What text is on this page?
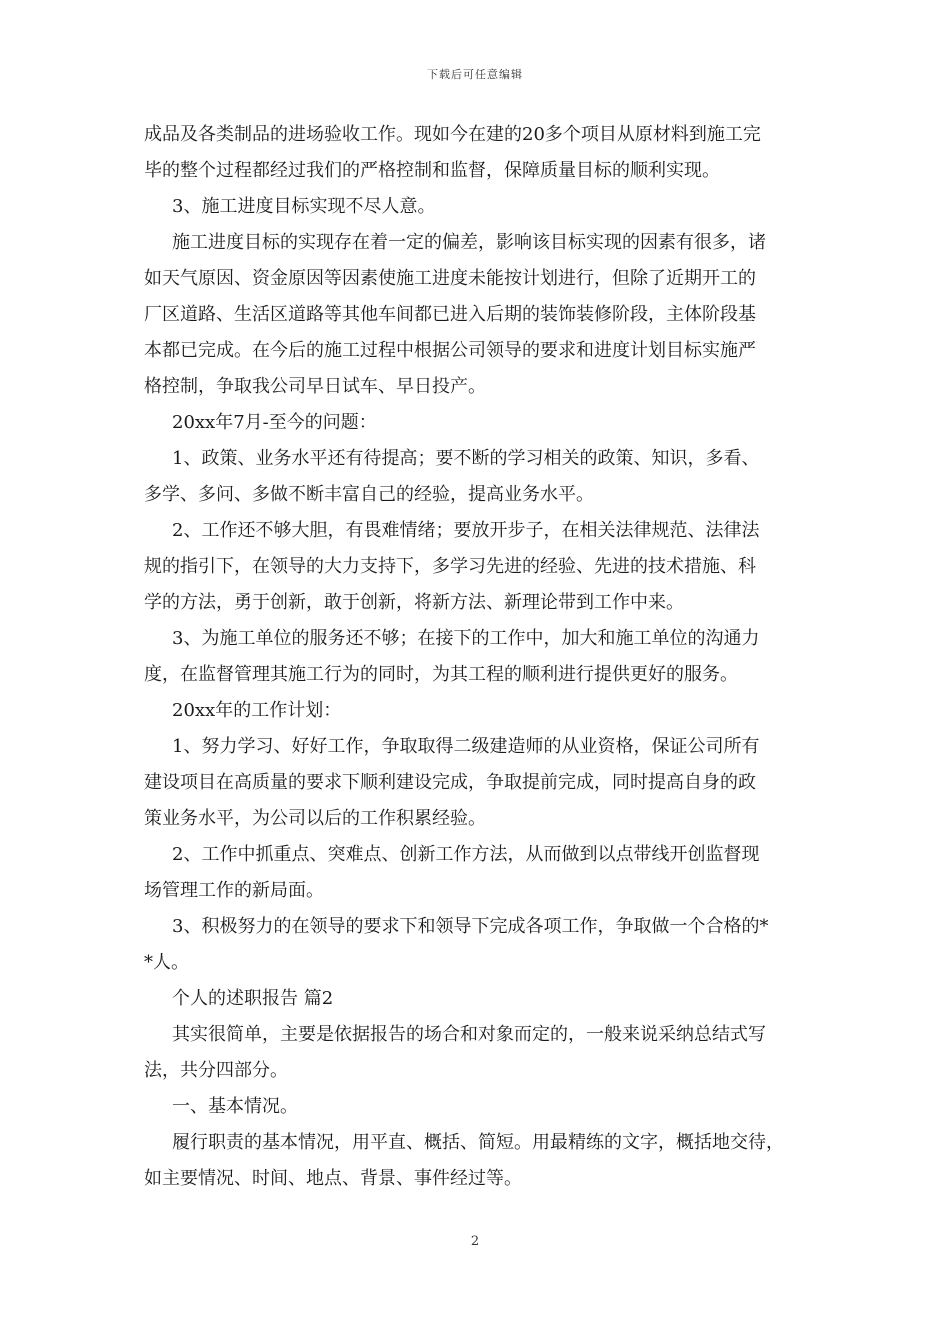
下载后可任意编辑
成品及各类制品的进场验收工作。现如今在建的20多个项目从原材料到施工完
毕的整个过程都经过我们的严格控制和监督，保障质量目标的顺利实现。
3、施工进度目标实现不尽人意。
施工进度目标的实现存在着一定的偏差，影响该目标实现的因素有很多，诸
如天气原因、资金原因等因素使施工进度未能按计划进行，但除了近期开工的
厂区道路、生活区道路等其他车间都已进入后期的装饰装修阶段，主体阶段基
本都已完成。在今后的施工过程中根据公司领导的要求和进度计划目标实施严
格控制，争取我公司早日试车、早日投产。
20xx年7月-至今的问题：
1、政策、业务水平还有待提高；要不断的学习相关的政策、知识，多看、
多学、多问、多做不断丰富自己的经验，提高业务水平。
2、工作还不够大胆，有畏难情绪；要放开步子，在相关法律规范、法律法
规的指引下，在领导的大力支持下，多学习先进的经验、先进的技术措施、科
学的方法，勇于创新，敢于创新，将新方法、新理论带到工作中来。
3、为施工单位的服务还不够；在接下的工作中，加大和施工单位的沟通力
度，在监督管理其施工行为的同时，为其工程的顺利进行提供更好的服务。
20xx年的工作计划：
1、努力学习、好好工作，争取取得二级建造师的从业资格，保证公司所有
建设项目在高质量的要求下顺利建设完成，争取提前完成，同时提高自身的政
策业务水平，为公司以后的工作积累经验。
2、工作中抓重点、突难点、创新工作方法，从而做到以点带线开创监督现
场管理工作的新局面。
3、积极努力的在领导的要求下和领导下完成各项工作，争取做一个合格的*
*人。
个人的述职报告 篇2
其实很简单，主要是依据报告的场合和对象而定的，一般来说采纳总结式写
法，共分四部分。
一、基本情况。
履行职责的基本情况，用平直、概括、简短。用最精练的文字，概括地交待，
如主要情况、时间、地点、背景、事件经过等。
2
